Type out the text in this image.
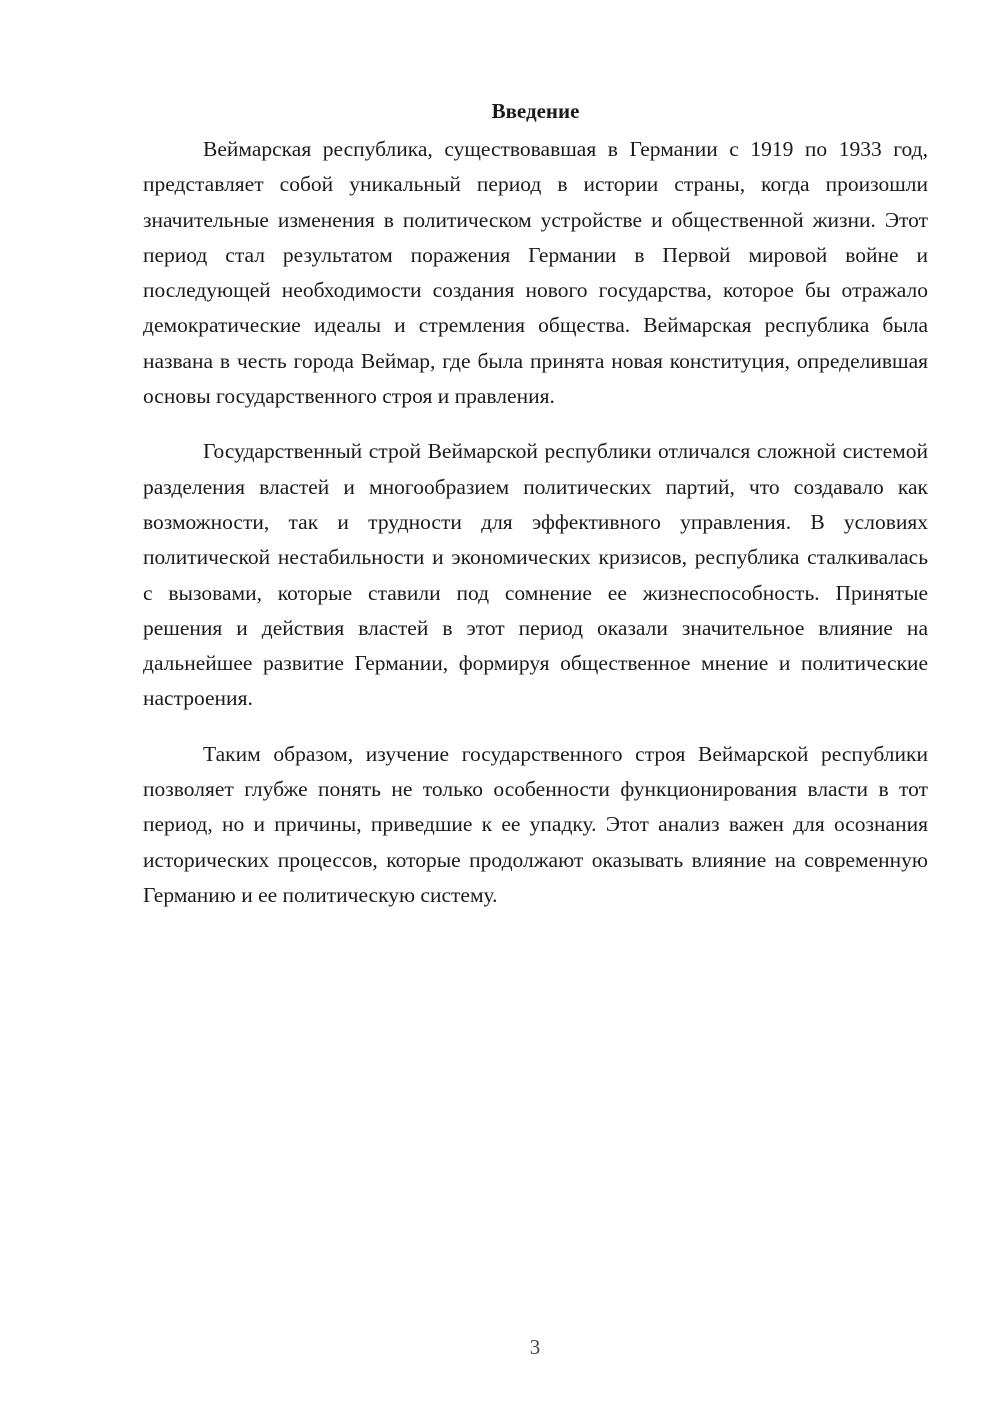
Введение

Веймарская республика, существовавшая в Германии с 1919 по 1933 год, представляет собой уникальный период в истории страны, когда произошли значительные изменения в политическом устройстве и общественной жизни. Этот период стал результатом поражения Германии в Первой мировой войне и последующей необходимости создания нового государства, которое бы отражало демократические идеалы и стремления общества. Веймарская республика была названа в честь города Веймар, где была принята новая конституция, определившая основы государственного строя и правления.

Государственный строй Веймарской республики отличался сложной системой разделения властей и многообразием политических партий, что создавало как возможности, так и трудности для эффективного управления. В условиях политической нестабильности и экономических кризисов, республика сталкивалась с вызовами, которые ставили под сомнение ее жизнеспособность. Принятые решения и действия властей в этот период оказали значительное влияние на дальнейшее развитие Германии, формируя общественное мнение и политические настроения.

Таким образом, изучение государственного строя Веймарской республики позволяет глубже понять не только особенности функционирования власти в тот период, но и причины, приведшие к ее упадку. Этот анализ важен для осознания исторических процессов, которые продолжают оказывать влияние на современную Германию и ее политическую систему.

3
